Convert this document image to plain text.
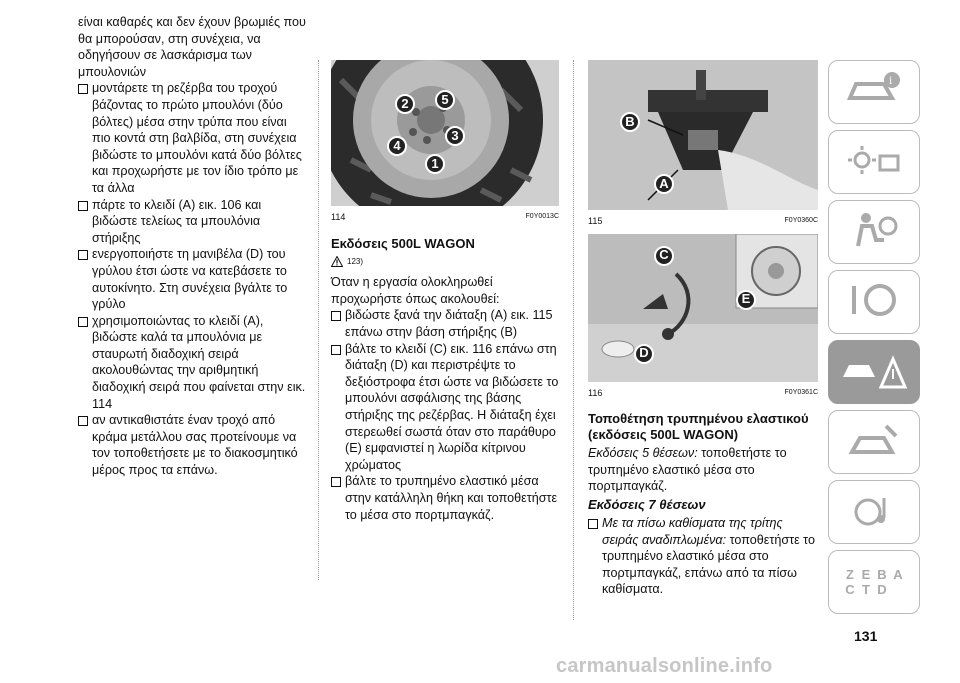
είναι καθαρές και δεν έχουν βρωμιές που θα μπορούσαν, στη συνέχεια, να οδηγήσουν σε λασκάρισμα των μπουλονιών
μοντάρετε τη ρεζέρβα του τροχού βάζοντας το πρώτο μπουλόνι (δύο βόλτες) μέσα στην τρύπα που είναι πιο κοντά στη βαλβίδα, στη συνέχεια βιδώστε το μπουλόνι κατά δύο βόλτες και προχωρήστε με τον ίδιο τρόπο με τα άλλα
πάρτε το κλειδί (A) εικ. 106 και βιδώστε τελείως τα μπουλόνια στήριξης
ενεργοποιήστε τη μανιβέλα (D) του γρύλου έτσι ώστε να κατεβάσετε το αυτοκίνητο. Στη συνέχεια βγάλτε το γρύλο
χρησιμοποιώντας το κλειδί (A), βιδώστε καλά τα μπουλόνια με σταυρωτή διαδοχική σειρά ακολουθώντας την αριθμητική διαδοχική σειρά που φαίνεται στην εικ. 114
αν αντικαθιστάτε έναν τροχό από κράμα μετάλλου σας προτείνουμε να τον τοποθετήσετε με το διακοσμητικό μέρος προς τα επάνω.
2	5
3
4
1
114	F0Y0013C
Εκδόσεις 500L WAGON
123)

Όταν η εργασία ολοκληρωθεί προχωρήστε όπως ακολουθεί:

βιδώστε ξανά την διάταξη (A) εικ. 115 επάνω στην βάση στήριξης (B)
βάλτε το κλειδί (C) εικ. 116 επάνω στη διάταξη (D) και περιστρέψτε το δεξιόστροφα έτσι ώστε να βιδώσετε το μπουλόνι ασφάλισης της βάσης στήριξης της ρεζέρβας. Η διάταξη έχει στερεωθεί σωστά όταν στο παράθυρο (E) εμφανιστεί η λωρίδα κίτρινου χρώματος
βάλτε το τρυπημένο ελαστικό μέσα στην κατάλληλη θήκη και τοποθετήστε το μέσα στο πορτμπαγκάζ.
B
A
115	F0Y0360C
C
E
D
116	F0Y0361C
Τοποθέτηση τρυπημένου ελαστικού (εκδόσεις 500L WAGON)

Εκδόσεις 5 θέσεων: τοποθετήστε το τρυπημένο ελαστικό μέσα στο πορτμπαγκάζ.

Εκδόσεις 7 θέσεων
Με τα πίσω καθίσματα της τρίτης σειράς αναδιπλωμένα: τοποθετήστε το τρυπημένο ελαστικό μέσα στο πορτμπαγκάζ, επάνω από τα πίσω καθίσματα.
i
Z E B A
C T D
131
carmanualsonline.info
